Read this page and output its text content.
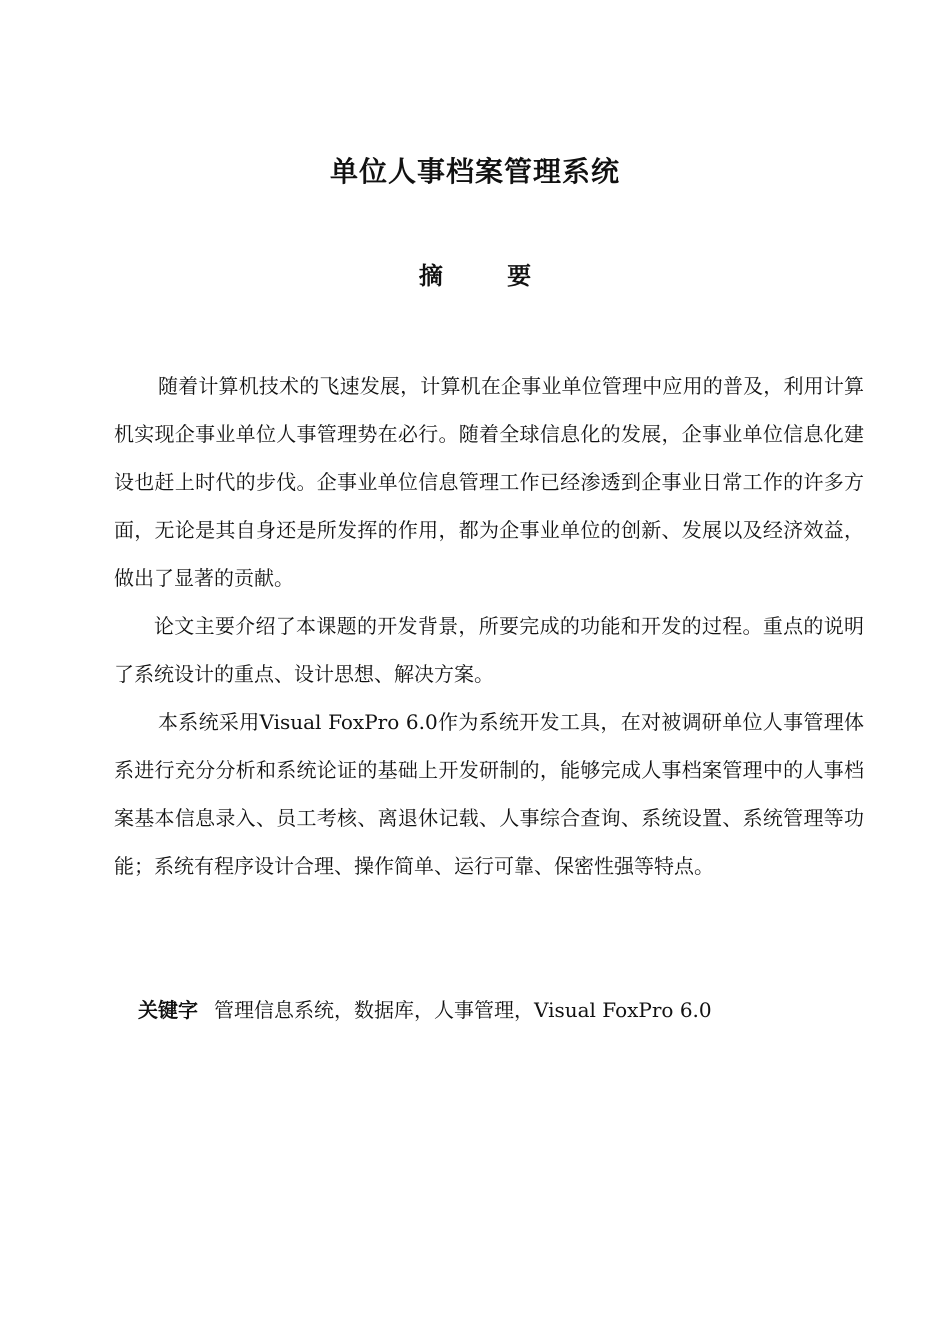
单位人事档案管理系统
摘 要

随着计算机技术的飞速发展，计算机在企事业单位管理中应用的普及，利用计算机实现企事业单位人事管理势在必行。随着全球信息化的发展，企事业单位信息化建设也赶上时代的步伐。企事业单位信息管理工作已经渗透到企事业日常工作的许多方面，无论是其自身还是所发挥的作用，都为企事业单位的创新、发展以及经济效益，做出了显著的贡献。

论文主要介绍了本课题的开发背景，所要完成的功能和开发的过程。重点的说明了系统设计的重点、设计思想、解决方案。

本系统采用Visual FoxPro 6.0作为系统开发工具，在对被调研单位人事管理体系进行充分分析和系统论证的基础上开发研制的，能够完成人事档案管理中的人事档案基本信息录入、员工考核、离退休记载、人事综合查询、系统设置、系统管理等功能；系统有程序设计合理、操作简单、运行可靠、保密性强等特点。

关键字 管理信息系统，数据库，人事管理，Visual FoxPro 6.0
